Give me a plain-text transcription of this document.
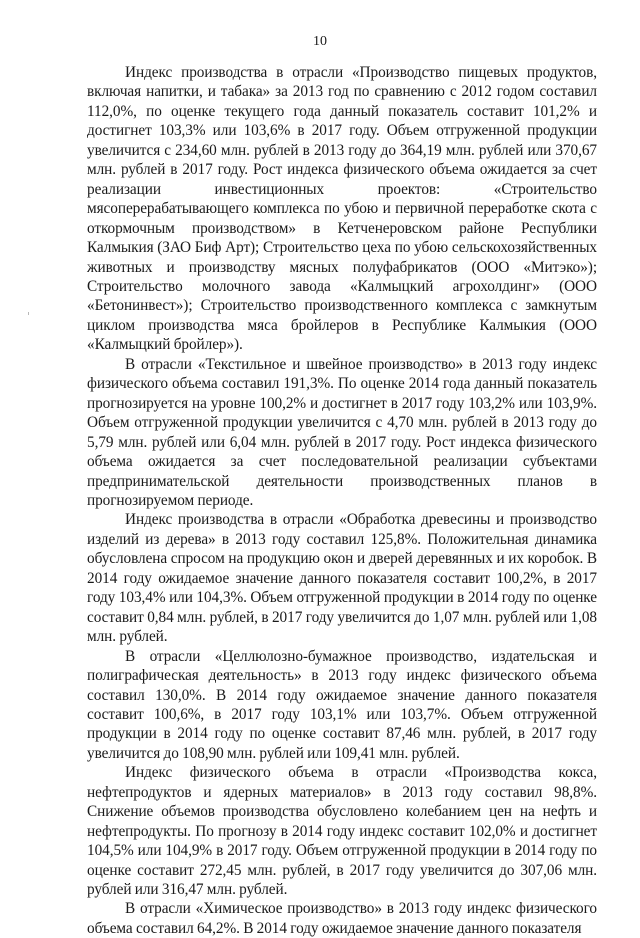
10

Индекс производства в отрасли «Производство пищевых продуктов, включая напитки, и табака» за 2013 год по сравнению с 2012 годом составил 112,0%, по оценке текущего года данный показатель составит 101,2% и достигнет 103,3% или 103,6% в 2017 году. Объем отгруженной продукции увеличится с 234,60 млн. рублей в 2013 году до 364,19 млн. рублей или 370,67 млн. рублей в 2017 году. Рост индекса физического объема ожидается за счет реализации инвестиционных проектов: «Строительство мясоперерабатывающего комплекса по убою и первичной переработке скота с откормочным производством» в Кетченеровском районе Республики Калмыкия (ЗАО Биф Арт); Строительство цеха по убою сельскохозяйственных животных и производству мясных полуфабрикатов (ООО «Митэко»); Строительство молочного завода «Калмыцкий агрохолдинг» (ООО «Бетонинвест»); Строительство производственного комплекса с замкнутым циклом производства мяса бройлеров в Республике Калмыкия (ООО «Калмыцкий бройлер»).

В отрасли «Текстильное и швейное производство» в 2013 году индекс физического объема составил 191,3%. По оценке 2014 года данный показатель прогнозируется на уровне 100,2% и достигнет в 2017 году 103,2% или 103,9%. Объем отгруженной продукции увеличится с 4,70 млн. рублей в 2013 году до 5,79 млн. рублей или 6,04 млн. рублей в 2017 году. Рост индекса физического объема ожидается за счет последовательной реализации субъектами предпринимательской деятельности производственных планов в прогнозируемом периоде.

Индекс производства в отрасли «Обработка древесины и производство изделий из дерева» в 2013 году составил 125,8%. Положительная динамика обусловлена спросом на продукцию окон и дверей деревянных и их коробок. В 2014 году ожидаемое значение данного показателя составит 100,2%, в 2017 году 103,4% или 104,3%. Объем отгруженной продукции в 2014 году по оценке составит 0,84 млн. рублей, в 2017 году увеличится до 1,07 млн. рублей или 1,08 млн. рублей.

В отрасли «Целлюлозно-бумажное производство, издательская и полиграфическая деятельность» в 2013 году индекс физического объема составил 130,0%. В 2014 году ожидаемое значение данного показателя составит 100,6%, в 2017 году 103,1% или 103,7%. Объем отгруженной продукции в 2014 году по оценке составит 87,46 млн. рублей, в 2017 году увеличится до 108,90 млн. рублей или 109,41 млн. рублей.

Индекс физического объема в отрасли «Производства кокса, нефтепродуктов и ядерных материалов» в 2013 году составил 98,8%. Снижение объемов производства обусловлено колебанием цен на нефть и нефтепродукты. По прогнозу в 2014 году индекс составит 102,0% и достигнет 104,5% или 104,9% в 2017 году. Объем отгруженной продукции в 2014 году по оценке составит 272,45 млн. рублей, в 2017 году увеличится до 307,06 млн. рублей или 316,47 млн. рублей.

В отрасли «Химическое производство» в 2013 году индекс физического объема составил 64,2%. В 2014 году ожидаемое значение данного показателя
